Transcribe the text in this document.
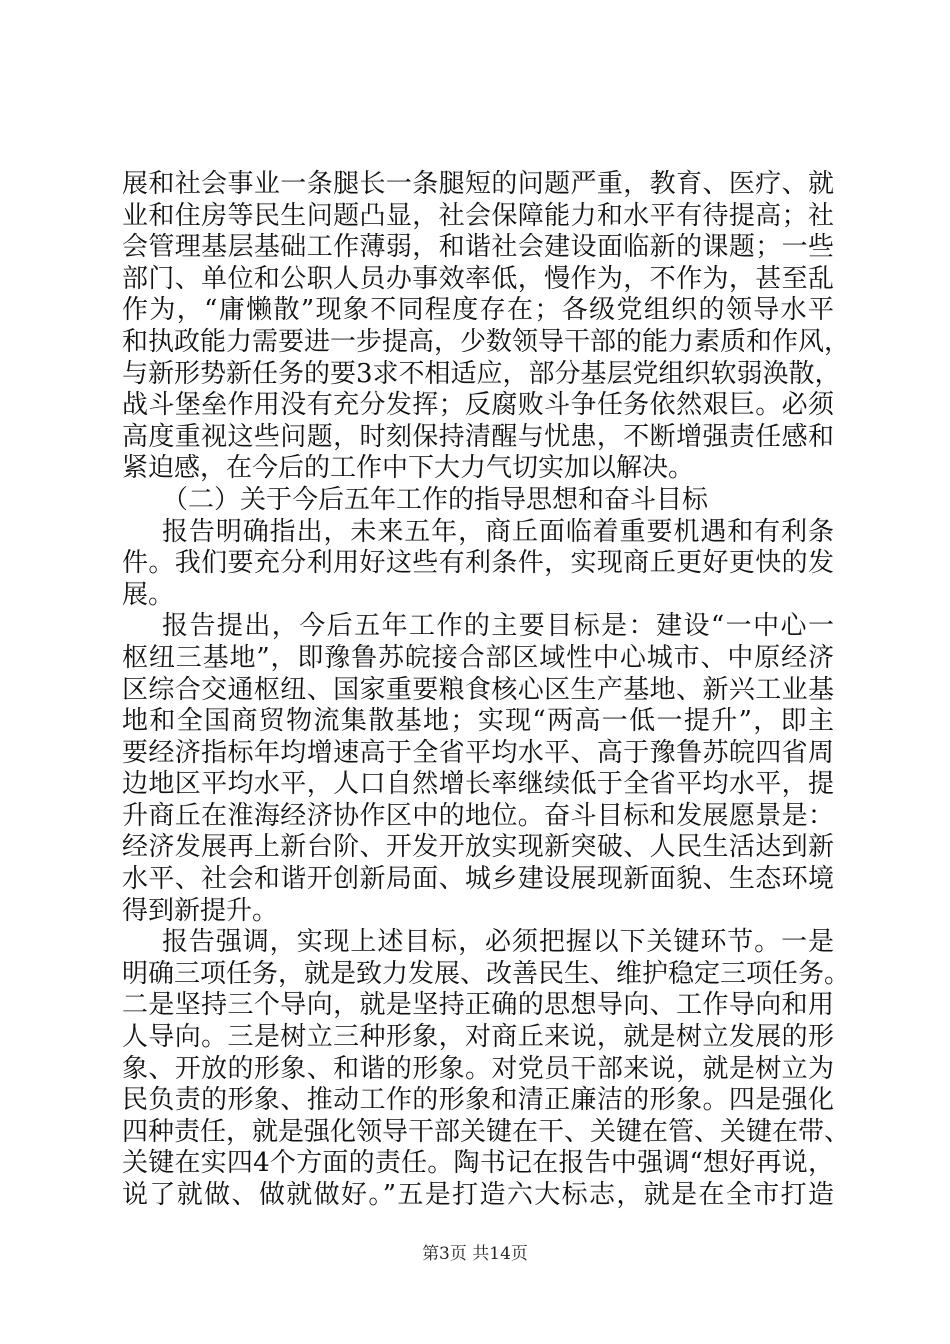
展和社会事业一条腿长一条腿短的问题严重，教育、医疗、就
业和住房等民生问题凸显，社会保障能力和水平有待提高；社
会管理基层基础工作薄弱，和谐社会建设面临新的课题；一些
部门、单位和公职人员办事效率低，慢作为，不作为，甚至乱
作为，“庸懒散”现象不同程度存在；各级党组织的领导水平
和执政能力需要进一步提高，少数领导干部的能力素质和作风，
与新形势新任务的要3求不相适应，部分基层党组织软弱涣散，
战斗堡垒作用没有充分发挥；反腐败斗争任务依然艰巨。必须
高度重视这些问题，时刻保持清醒与忧患，不断增强责任感和
紧迫感，在今后的工作中下大力气切实加以解决。
（二）关于今后五年工作的指导思想和奋斗目标
报告明确指出，未来五年，商丘面临着重要机遇和有利条
件。我们要充分利用好这些有利条件，实现商丘更好更快的发
展。
报告提出，今后五年工作的主要目标是：建设“一中心一
枢纽三基地”，即豫鲁苏皖接合部区域性中心城市、中原经济
区综合交通枢纽、国家重要粮食核心区生产基地、新兴工业基
地和全国商贸物流集散基地；实现“两高一低一提升”，即主
要经济指标年均增速高于全省平均水平、高于豫鲁苏皖四省周
边地区平均水平，人口自然增长率继续低于全省平均水平，提
升商丘在淮海经济协作区中的地位。奋斗目标和发展愿景是：
经济发展再上新台阶、开发开放实现新突破、人民生活达到新
水平、社会和谐开创新局面、城乡建设展现新面貌、生态环境
得到新提升。
报告强调，实现上述目标，必须把握以下关键环节。一是
明确三项任务，就是致力发展、改善民生、维护稳定三项任务。
二是坚持三个导向，就是坚持正确的思想导向、工作导向和用
人导向。三是树立三种形象，对商丘来说，就是树立发展的形
象、开放的形象、和谐的形象。对党员干部来说，就是树立为
民负责的形象、推动工作的形象和清正廉洁的形象。四是强化
四种责任，就是强化领导干部关键在干、关键在管、关键在带、
关键在实四4个方面的责任。陶书记在报告中强调“想好再说，
说了就做、做就做好。”五是打造六大标志，就是在全市打造
第3页 共14页
